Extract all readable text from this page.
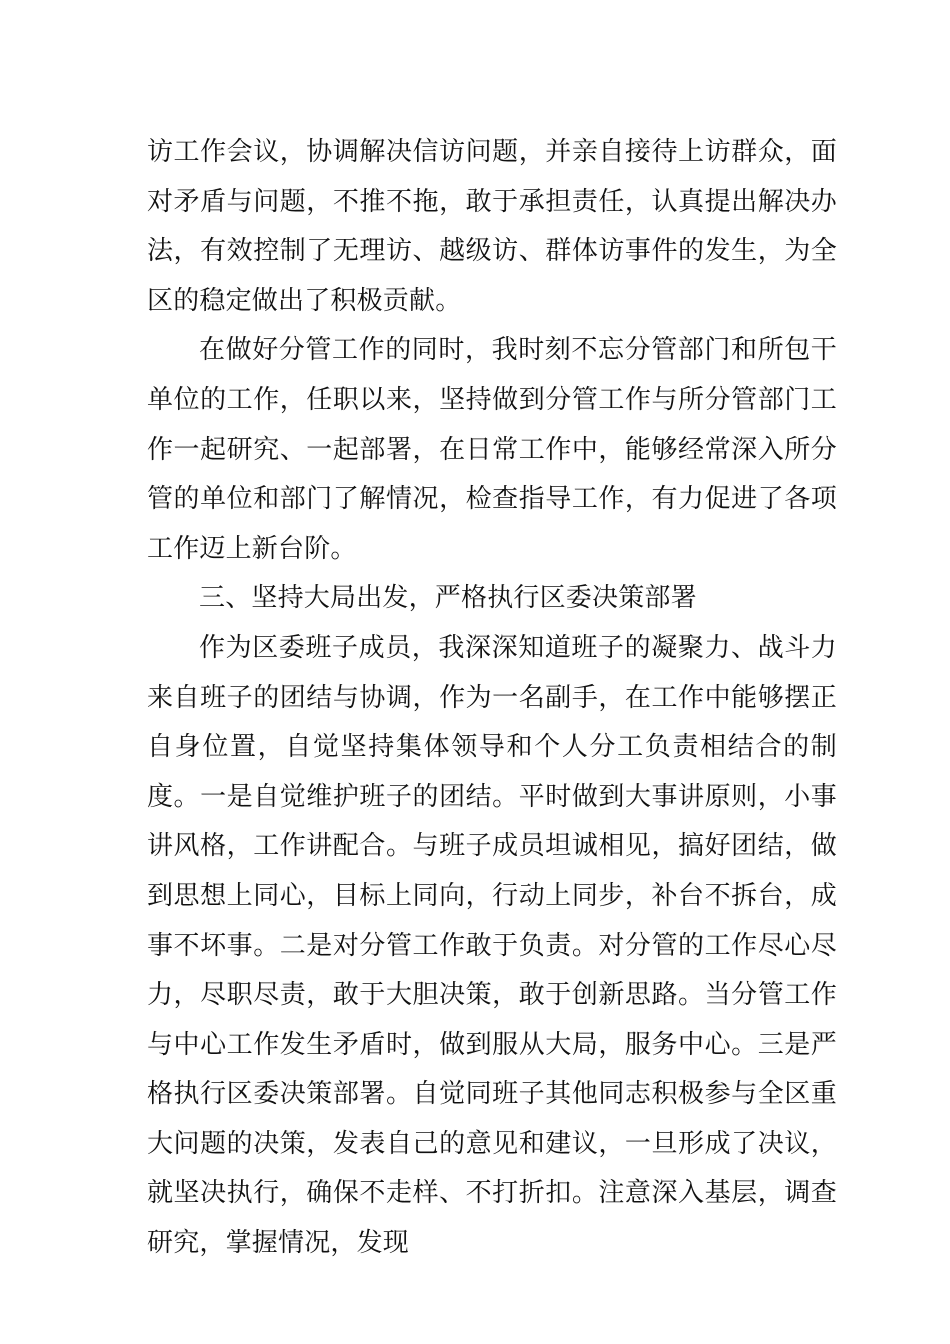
访工作会议，协调解决信访问题，并亲自接待上访群众，面对矛盾与问题，不推不拖，敢于承担责任，认真提出解决办法，有效控制了无理访、越级访、群体访事件的发生，为全区的稳定做出了积极贡献。

在做好分管工作的同时，我时刻不忘分管部门和所包干单位的工作，任职以来，坚持做到分管工作与所分管部门工作一起研究、一起部署，在日常工作中，能够经常深入所分管的单位和部门了解情况，检查指导工作，有力促进了各项工作迈上新台阶。

三、坚持大局出发，严格执行区委决策部署

作为区委班子成员，我深深知道班子的凝聚力、战斗力来自班子的团结与协调，作为一名副手，在工作中能够摆正自身位置，自觉坚持集体领导和个人分工负责相结合的制度。一是自觉维护班子的团结。平时做到大事讲原则，小事讲风格，工作讲配合。与班子成员坦诚相见，搞好团结，做到思想上同心，目标上同向，行动上同步，补台不拆台，成事不坏事。二是对分管工作敢于负责。对分管的工作尽心尽力，尽职尽责，敢于大胆决策，敢于创新思路。当分管工作与中心工作发生矛盾时，做到服从大局，服务中心。三是严格执行区委决策部署。自觉同班子其他同志积极参与全区重大问题的决策，发表自己的意见和建议，一旦形成了决议，就坚决执行，确保不走样、不打折扣。注意深入基层，调查研究，掌握情况，发现
